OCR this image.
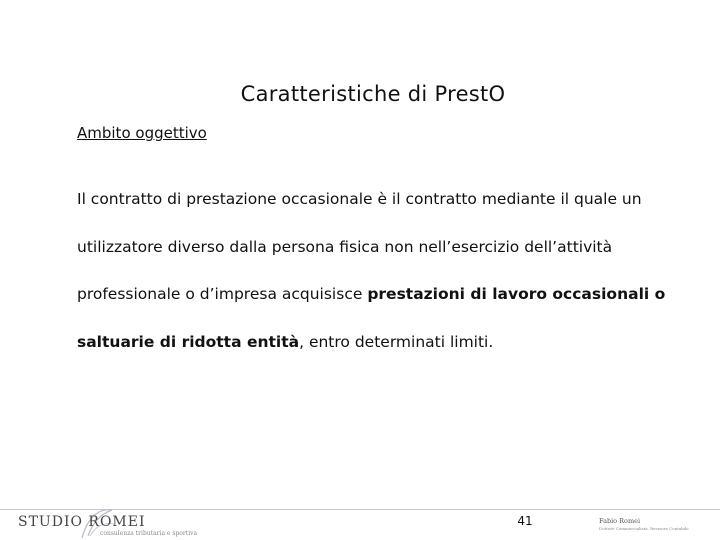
Caratteristiche di PrestO
Ambito oggettivo
Il contratto di prestazione occasionale è il contratto mediante il quale un
utilizzatore diverso dalla persona fisica non nell’esercizio dell’attività
professionale o d’impresa acquisisce prestazioni di lavoro occasionali o
saltuarie di ridotta entità, entro determinati limiti.
STUDIO ROMEI
consulenza tributaria e sportiva
41	Fabio Romei
Dottore Commercialista, Revisore Contabile
